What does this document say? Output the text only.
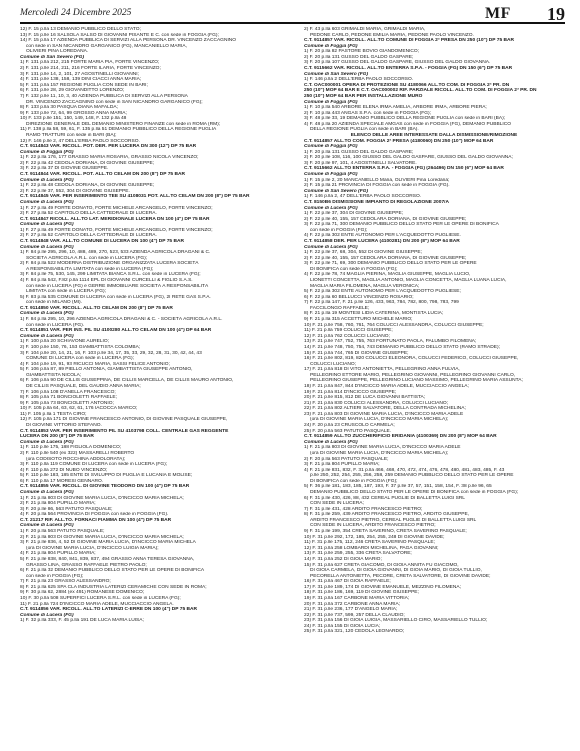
Mercoledì 24 Dicembre 2025	MF 19
12) F. 15 p.lla 13 DEMANIO PUBBLICO DELLO STATO;
13) F. 15 p.lle 16 SALSOLA SALSO DI GIOVANNI PISANTE E C. con sede in FOGGIA (FG);
14) F. 15 p.lla 17 AZIENDA PUBBLICA DI SERVIZI ALLA PERSONA DR. VINCENZO ZACCAGNINO
con sede in SAN NICANDRO GARGANICO (FG), MANCANIELLO MARIA,
OLIVIERI PINA LOREDANA.
Comune di San Severo (FG)
1) F. 131 p.lla 212, 215 FORTE MARIA PIA, FORTE VINCENZO;
2) F. 131 p.lle 214, 211, 216 FORTE ILARIA, FORTE VINCENZO;
3) F. 131 p.lle 14, 2, 101, 27 AGOSTINELLI GIOVANNI;
4) F. 131 p.lle 138, 158, 139 DINI CIACCI ANNA MARIA;
5) F. 131 p.lla 157 REGIONE PUGLIA CON SEDE IN BARI;
6) F. 131 p.lle 28, 29 GIOVANDITTO LORENZO;
7) F. 132 p.lle 11, 10, 3, 40 AZIENDA PUBBLICA DI SERVIZI ALLA PERSONA
DR. VINCENZO ZACCAGNINO con sede in SAN NICANDRO GARGANICO (FG);
8) F. 133 p.lla 30 PASQUA DIANA MAFALDA;
9) F. 133 p.lle 72, 64, 99 GROSSO ANNA MARIA;
10) F. 133 p.lle 151, 150, 149, 148, F. 132 p.lla 48
DIREZIONE GENERALE DEL DEMANIO MINISTERO FINANZE con sede in ROMA (RM);
11) F. 138 p.lla 58, 59, 61, F. 135 p.lla 51 DEMANIO PUBBLICO DELLA REGIONE PUGLIA
RAMO TRATTURI con sede in BARI (BA);
12) F. 146 p.lle 2, 47 DELL'ERBA PAOLO SOCCORSO.
C.T. 9114843 VAR. RICOLL. POT. DER. PER LUCERA DN 300 (12") DP 75 BAR
Comune di Foggia (FG)
1) F. 22 p.lla 176, 177 GRASSO MARIA ROSARIA, GRASSO NICOLA VINCENZO;
2) F. 22 p.lla 42 CEDOLA DORIANA, DI GIOVINE GIUSEPPE;
3) F. 22 p.lla 37 DI GIOVINE GIUSEPPE.
C.T. 9114844 VAR. RICOLL. POT. ALL.TO CELAM DN 200 (8") DP 75 BAR
Comune di Lucera (FG)
1) F. 22 p.lla 48 CEDOLA DORIANA, DI GIOVINE GIUSEPPE;
2) F. 22 p.lle 37, 552, 304 DI GIOVINE GIUSEPPE.
C.T. 9114845 VAR. PER INSERIMENTO TEE SU 4108031 POT. ALL.TO CELAM DN 200 (8") DP 75 BAR
Comune di Lucera (FG)
1) F. 27 p.lla 49 FORTE DONATO, FORTE MICHELE ARCANGELO, FORTE VINCENZO;
2) F. 27 p.lla 52 CAPITOLO DELLA CATTEDRALE DI LUCERA.
C.T. 9114847 RICOLL. ALL.TO LAT. MERIDIONALE LUCERA DN 100 (4") DP 75 BAR
Comune di Lucera (FG)
1) F. 27 p.lla 49 FORTE DONATO, FORTE MICHELE ARCANGELO, FORTE VINCENZO;
2) F. 27 p.lla 52 CAPITOLO DELLA CATTEDRALE DI LUCERA.
C.T. 9114848 VAR. ALL.TO COMUNE DI LUCERA DN 100 (4") DP 75 BAR
Comune di Lucera (FG)
1) F. 84 p.lle 295, 296, 10, 488, 489, 270, 523, 533 AZIENDA AGRICOLA DRAGANI & C.
SOCIETÀ AGRICOLA A.R.L. con sede in LUCERA (FG);
2) F. 84 p.lla 522 MODERNA DISTRIBUZIONE ORGANIZZATA LUCERA SOCIETÀ
A RESPONSABILITÀ LIMITATA con sede in LUCERA (FG);
3) F. 84 p.lle 75, 530, 145, 299 LIMITATA BIANCA S.R.L. con sede in LUCERA (FG);
4) F. 84 p.lla 542, F.82 p.lla 1114 EPL DI GIOVANNI CURCELLI & FIGLIO S.A.S.
con sede in LUCERA (FG) e GERRE IMMOBILIARE SOCIETÀ A RESPONSABILITÀ
LIMITATA con sede in LUCERA (FG);
5) F. 83 p.lla 535 COMUNE DI LUCERA con sede in LUCERA (FG), 2I RETE GAS S.P.A.
con sede in MILANO (MI).
C.T. 9114850 VAR. RICOLL. ALL.TO CELAM DN 200 (8") DP 75 BAR
Comune di Lucera (FG)
1) F. 84 p.lla 295, 10, 296 AZIENDA AGRICOLA DRAGANI & C. - SOCIETÀ AGRICOLA A.R.L.
con sede in LUCERA (FG).
C.T. 9114851 VAR. PER INS. PIL SU 4100280 ALL.TO CELAM DN 100 (4") DP 64 BAR
Comune di Lucera (FG)
1) F. 100 p.lla 20 SCHIAVONE AURELIO;
2) F. 100 p.lle 150, 76, 153 GIAMBATTISTA COLOMBA;
3) F. 104 p.lle 20, 14, 21, 16, F. 103 p.lle 34, 17, 35, 33, 29, 32, 28, 31, 30, 42, 44, 43
COMUNE DI LUCERA con sede in LUCERA (FG);
4) F. 104 p.lle 19, 91, 93 RICUCCI MARIA, SASSI FELICE ANTONIO;
5) F. 106 p.lla 87, 89 PIELLO ANTONIA, GIAMBATTISTA GIUSEPPE ANTONIO,
GIAMBATTISTA NICOLA;
6) F. 106 p.lla 90 DE CILLIS GIUSEPPINA, DE CILLIS MARCELLA, DE CILLIS MAURO ANTONIO,
DE CILLIS PASQUALE, DEL GAUDIO ANNA MARIA;
7) F. 106 p.lla 108 D'ANELLA FRANCESCO;
8) F. 105 p.lla 71 BONCIOLETTI RAFFAELE;
9) F. 105 p.lla 73 BONCIOLETTI ANTONIO;
10) F. 105 p.lla 64, 63, 62, 61, 176 IACOCCA MARCO;
11) F. 105 p.lla 1 TESTA CIRO;
12) F. 105 p.lla 171 DI GIOVINE FRANCESCO ANTONIO, DI GIOVINE PASQUALE GIUSEPPE,
DI GIOVINE VITTORIO STEFANO.
C.T. 9114853 VAR. PER INSERIMENTO PIL SU 4103798 COLL. CENTRALE GAS REGGENTE
LUCERA DN 200 (8") DP 75 BAR
Comune di Lucera (FG)
1) F. 110 p.lle 175, 188 FIGLIOLA DOMENICO;
2) F. 110 p.lle 540 (ex 322) MASSARELLI ROBERTO
(ora CODISOTO ROCCHINA ADDOLORATA);
3) F. 110 p.lla 119 COMUNE DI LUCERA con sede in LUCERA (FG);
4) F. 110 p.lla 272 DI NUBO VINCENZO;
5) F. 110 p.lle 183, 185 ENTE DI SVILUPPO DI PUGLIA E LUCANIA E MOLISE;
6) F. 110 p.lla 17 MORESI GENNARO.
C.T. 9114855 VAR. RICOLL. DI GIOVINE TEODORO DN 100 (4") DP 75 BAR
Comune di Lucera (FG)
1) F. 21 p.lla 803 DI GIOVINE MARIA LUCIA, D'INCICCO MARIA MICHELA;
2) F. 21 p.lla 804 PUPILLO MARIA;
3) F. 20 p.lle 86, 563 PATUTO PASQUALE;
4) F. 20 p.lla 564 PROVINCIA DI FOGGIA con sede in FOGGIA (FG).
C.T. 21217 RIF. ALL.TO. FORNACI FIAMMA DN 100 (4") DP 75 BAR
Comune di Lucera (FG)
1) F. 20 p.lla 563 PATUTO PASQUALE;
2) F. 21 p.lla 803 DI GIOVINE MARIA LUCIA, D'INCICCO MARIA MICHELA;
3) F. 21 p.lle 836, 4, 52 DI GIOVINE MARIA LUCIA, D'INCICCO MARIA MICHELA
(ora DI GIOVINE MARIA LUCIA, D'INCICCO LUIGIA MARIA);
4) F. 21 p.lla 804 PUPILLO MARIA;
5) F. 21 p.lle 838, 840, 841, 839, 837, 494 GRASSO ANNA TERESA GIOVANNA,
GRASSO LINA, GRASSO RAFFAELE PIETRO PAOLO;
6) F. 21 p.lla 32 DEMANIO PUBBLICO DELLO STATO PER LE OPERE DI BONIFICA
con sede in FOGGIA (FG);
7) F. 21 p.lla 23 GRASSO ALESSANDRO;
8) F. 21 p.lla 625 SPA CLA INDUSTRIA LATERIZI CERAMICHE CON SEDE IN ROMA;
9) F. 30 p.lla 62, 2884 (ex 491) ROMANESE DOMENICO;
10) F. 30 p.lla 508 SUPERFICI LUCERA S.R.L. con sede in LUCERA (FG);
11) F. 21 p.lla 724 D'INCICCO MARIA ADELE, MUCCIACCIO ANGELA.
C.T. 9114856 VAR. RICOLL. ALL.TO LATERIZI C-ERRE DN 100 (4") DP 75 BAR
Comune di Lucera (FG)
1) F. 32 p.lla 333, F. 45 p.lla 191 DE LUCA MARIA LUISA;
2) F. 43 p.lla 603 GRIMALDI MARIA, GRIMALDI MARIA,
PEDONE CARLO, PEDONE EMILIA MARIA, PEDONE PAOLO VINCENZO.
C.T. 9114857 VAR. RICOLL. ALL.TO COMUNE DI FOGGIA 2ª PRESA DN 250 (10") DP 75 BAR
Comune di Foggia (FG)
1) F. 20 p.lla 82 PASTORE BOVIO GIANDOMENICO;
2) F. 20 p.lla 131 GUSSO DEL GALDO GASPARE;
3) F. 20 p.lla 107 GUSSO DEL GALDO GASPARE, GIUSSO DEL GALDO GIOVANNA.
C.T. 9115662 VAR. RICOLL. ALL.TO ENTERRA S.P.A. - FOGGIA (FG) DN 150 (6") DP 75 BAR
Comune di San Severo (FG)
1) F. 146 p.lla 2 DELL'ERBA PAOLO SOCCORSO.
C.T. OAC000001 OPERA DI PROTEZIONE SU 4180066 ALL.TO COM. DI FOGGIA 2ª PR. DN
250 (10") MOP 64 BAR E C.T. OAC000002 RIF. PARZIALE RICOLL. ALL.TO COM. DI FOGGIA 2ª PR. DN
250 (10") MOP 64 BAR PER INSTALLAZIONE MURO
Comune di Foggia (FG)
1) F. 10 p.lla 540 ARBORE ELENA IRMA AMELIA, ARBORE IRMA, ARBORE PIERA;
2) F. 10 p.lla 443 ANGAS S.P.A. con sede in FOGGIA (FG);
3) F. 48 p.lle 33, 19 DEMANIO PUBBLICO DELLA REGIONE PUGLIA con sede in BARI (BA);
4) F. 48 p.lla 20 AZIENDA SPECIALE AMGAS con sede in FOGGIA (FG), DEMANIO PUBBLICO
DELLA REGIONE PUGLIA con sede in BARI (BA).
ELENCO DELLE AREE INTERESSATE DALLA DISMISSIONE/RIMOZIONE
C.T. 9114857 ALL.TO COM. FOGGIA 2ª PRESA (4180060) DN 250 (10") MOP 64 BAR
Comune di Foggia (FG)
1) F. 20 p.lla 131 GUSSO DEL GALDO GASPARE;
2) F. 20 p.lle 108, 116, 100 GIUSSO DEL GALDO GASPARE, GIUSSO DEL GALDO GIOVANNA;
3) F. 20 p.lle 97, 101, 4 AGOSTINELLI SALVATORE.
C.T. 9115662 ALL.TO ENTERRA S.P.A. - FOGGIA (FG) (264496) DN 150 (6") MOP 64 BAR
Comune di Foggia (FG)
1) F. 15 p.lle 2, 20 MANCANIELLO Maria, OLIVIERI Pina Loredana;
2) F. 15 p.lla 21 PROVINCIA DI FOGGIA con sede in FOGGIA (FG).
Comune di San Severo (FG)
1) F. 146 p.lla 2, 47 DELL'ERBA PAOLO SOCCORSO.
C.T. 8150B6 DISMISSIONE IMPIANTO DI REGOLAZIONE 2007/A
Comune di Lucera (FG)
1) F. 22 p.lle 37, 304 DI GIOVINE GIUSEPPE;
2) F. 22 p.lle 40, 155, 157 CEDOLARA DORIANA, DI GIOVINE GIUSEPPE;
3) F. 22 p.lla 71, 300 DEMANIO PUBBLICO DELLO STATO PER LE OPERE DI BONIFICA
con sede in FOGGIA (FG);
4) F. 22 p.lla 302 ENTE AUTONOMO PER L'ACQUEDOTTO PUGLIESE.
C.T. 9114858 DER. PER LUCERA (4100281) DN 200 (8") MOP 64 BAR
Comune di Lucera (FG)
1) F. 22 p.lle 37, 68, 304, 552 DI GIOVINE GIUSEPPE;
2) F. 22 p.lle 40, 155, 157 CEDOLARA DORIANA, DI GIOVINE GIUSEPPE;
3) F. 22 p.lle 71, 69, 300 DEMANIO PUBBLICO DELLO STATO PER LE OPERE
DI BONIFICA con sede in FOGGIA (FG);
4) F. 22 p.lle 78, 74 MAGLIA PIERINA, MAGLIA GIUSEPPE, MAGLIA LUCIO,
LIONETTI CONCETTA, MAGLIA ANTONIO, MAGLIA CONCETTA, MAGLIA LUANA LUCIA,
MAGLIA MARIA FILOMENA, MAGLIA VERONICA;
5) F. 22 p.lla 302 ENTE AUTONOMO PER L'ACQUEDOTTO PUGLIESE;
6) F. 22 p.lla 60 BELLUCCI VINCENZO ROSARIO;
7) F. 22 p.lla 147, F. 21 p.lle 126, 433, 963, 784, 782, 800, 798, 783, 799
FACCILONGO RAFFAELE;
8) F. 21 p.lla 19 MONTESI LIDIA CATERINA, MONTISTA LUCIA;
9) F. 21 p.lla 315 ACCETTURO MICHELE MARIO;
10) F. 21 p.lle 758, 760, 761, 764 COLUCCI ALESSANDRA, COLUCCI GIUSEPPE;
11) F. 21 p.lla 759 COLUCCI GIUSEPPE;
12) F. 21 p.lla 762 COLUCCI LUCIANO;
13) F. 21 p.lle 747, 752, 755, 763 FORTUNATO PAOLA, PALUMBO FILOMENA;
14) F. 21 p.lle 748, 750, 754, 743 DEMANIO PUBBLICO DELLO STATO (RAMO STRADE);
15) F. 21 p.lla 744, 765 DI GIOVINE GIUSEPPE;
16) F. 21 p.lle 802, 819, 820 COLUCCI ELEONORA, COLUCCI FEDERICO, COLUCCI GIUSEPPE,
COLUCCI LUCIANO;
17) F. 21 p.lla 818 DI VITO ANTONIETTA, PELLEGRINO ANNA FULVIA,
PELLEGRINO ETTORE MARIO, PELLEGRINO GIOVANNI, PELLEGRINO GIOVANNI CARLO,
PELLEGRINO GIUSEPPE, PELLEGRINO LUCIANO MASSIMO, PELLEGRINO MARIA ASSUNTA;
18) F. 21 p.lla 847, 844 D'INCICCO MARIA ADELE, MUCCIACCIO ANGELA;
19) F. 21 p.lla 814 D'INCICCO GIUSEPPE;
20) F. 21 p.lle 815, 812 DE LUCA GIOVANNI BATTISTA;
21) F. 21 p.lla 830 COLUCCI ALESSANDRA, COLUCCI LUCIANO;
22) F. 21 p.lla 802 ALTIERI SALVATORE, DELLA CONTRADA MICHELINA;
23) F. 21 p.lla 803 DI GIOVINE MARIA LUCIA, D'INCICCO MARIA ADELE
(ora DI GIOVINE MARIA LUCIA, D'INCICCO MARIA MICHELA);
24) F. 20 p.lla 23 CRUSCOLO CARMELA;
25) F. 20 p.lla 563 PATUTO PASQUALE.
C.T. 9114859 ALL.TO ZUCCHERIFICIO ERIDANIA (4100369) DN 200 (8") MOP 64 BAR
Comune di Lucera (FG)
1) F. 21 p.lla 803 DI GIOVINE MARIA LUCIA, D'INCICCO MARIA ADELE
(ora DI GIOVINE MARIA LUCIA, D'INCICCO MARIA MICHELA);
2) F. 20 p.lla 563 PATUTO PASQUALE;
3) F. 21 p.lla 804 PUPILLO MARIA;
4) F. 21 p.lle 831, 832, F. 31 p.lla 466, 468, 470, 472, 474, 476, 478, 480, 481, 483, 485, F. 43
p.lle 250, 252, 254, 255, 256, 258, 259 DEMANIO PUBBLICO DELLO STATO PER LE OPERE
DI BONIFICA con sede in FOGGIA (FG);
5) F. 36 p.lle 181, 183, 185, 187, 193, F. 37 p.lle 37, 57, 151, 158, 154, F. 38 p.lle 96, 65
DEMANIO PUBBLICO DELLO STATO PER LE OPERE DI BONIFICA con sede in FOGGIA (FG);
6) F. 31 p.lle 430, 426, 88, 432 CEREAL PUGLIE DI BALLETTA LUIGI SRL
CON SEDE IN LUCERA;
7) F. 31 p.lle 431, 428 ARDITO FRANCESCO PIETRO;
8) F. 31 p.lle 259, 439 ARDITO FRANCESCO PIETRO, ARDITO GIUSEPPE,
ARDITO FRANCESCO PIETRO, CEREAL PUGLIE DI BALLETTA LUIGI SRL
CON SEDE IN LUCERA, ARDITO FRANCESCO PIETRO;
9) F. 31 p.lle 199, 354 CRETA SAVERINO, CRETA SAVERINO PASQUALE;
10) F. 31 p.lle 292, 172, 185, 254, 255, 248 DI GIOVINE DAVIDE;
11) F. 31 p.lle 175, 112, 246 CRETA SAVERINO PASQUALE;
12) F. 31 p.lla 258 LOMBARDI MICHELINA, PAGA GIOVANNI;
13) F. 31 p.lle 259, 255, 336 CRETA SALVATORE;
14) F. 31 p.lla 252 DI GIOIA MARIO;
15) F. 31 p.lla 627 CRETA GIACOMO, DI GIOIA ANNITA FU GIACOMO,
DI GIOIA CARMELA, DI GIOIA GIOVANNI, DI GIOIA MARIO, DI GIOIA TULLIO,
PECORELLA ANTONIETTA, PECORE, CRETA SALVATORE, DI GIOVINE DAVIDE;
16) F. 31 p.lla 467 DI GIOIA RAFFAELE;
17) F. 31 p.lle 189, 174 DI GIOVINE EMANUELE, MEZZINO FILOMENA;
18) F. 31 p.lle 186, 169, 119 DI GIOVINE GIUSEPPE;
19) F. 31 p.lla 167 CARBONE MARIA VITTORIA;
20) F. 31 p.lla 372 CARBONE ANNA MARIA;
21) F. 31 p.lle 236, 177 D'ANGELO MARIA;
22) F. 31 p.lle 737, 599, 257 DELLA CLAUDIO;
23) F. 31 p.lla 156 DI GIOIA LUIGIA, MASSARIELLO CIRO, MASSARIELLO TULLIO;
24) F. 31 p.lla 155 DI GIOIA LUCIA;
25) F. 31 p.lla 321, 120 CEDOLA LEONARDO;
